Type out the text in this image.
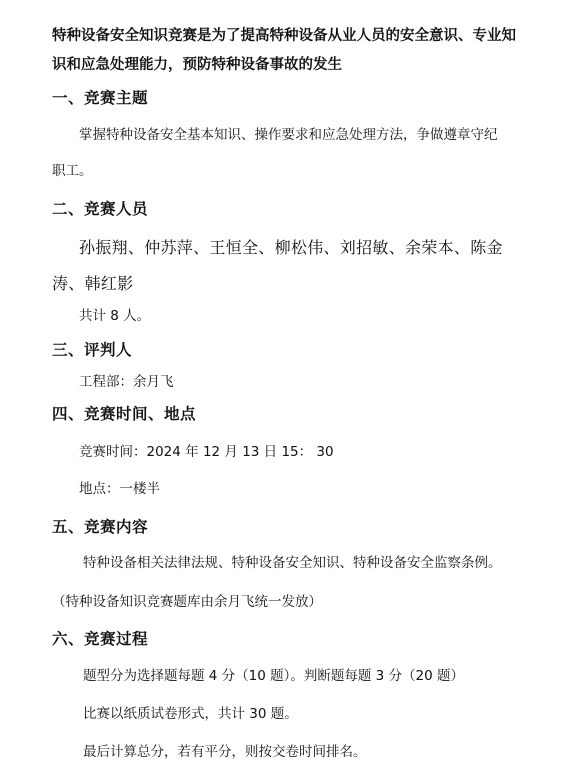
特种设备安全知识竞赛是为了提高特种设备从业人员的安全意识、专业知
识和应急处理能力，预防特种设备事故的发生
一、竞赛主题
掌握特种设备安全基本知识、操作要求和应急处理方法，争做遵章守纪
职工。
二、竞赛人员
孙振翔、仲苏萍、王恒全、柳松伟、刘招敏、余荣本、陈金
涛、韩红影
共计 8 人。
三、评判人
工程部：余月飞
四、竞赛时间、地点
竞赛时间：2024 年 12 月 13 日 15： 30
地点：一楼半
五、竞赛内容
特种设备相关法律法规、特种设备安全知识、特种设备安全监察条例。
（特种设备知识竞赛题库由余月飞统一发放）
六、竞赛过程
题型分为选择题每题 4 分（10 题）。判断题每题 3 分（20 题）
比赛以纸质试卷形式，共计 30 题。
最后计算总分，若有平分，则按交卷时间排名。
